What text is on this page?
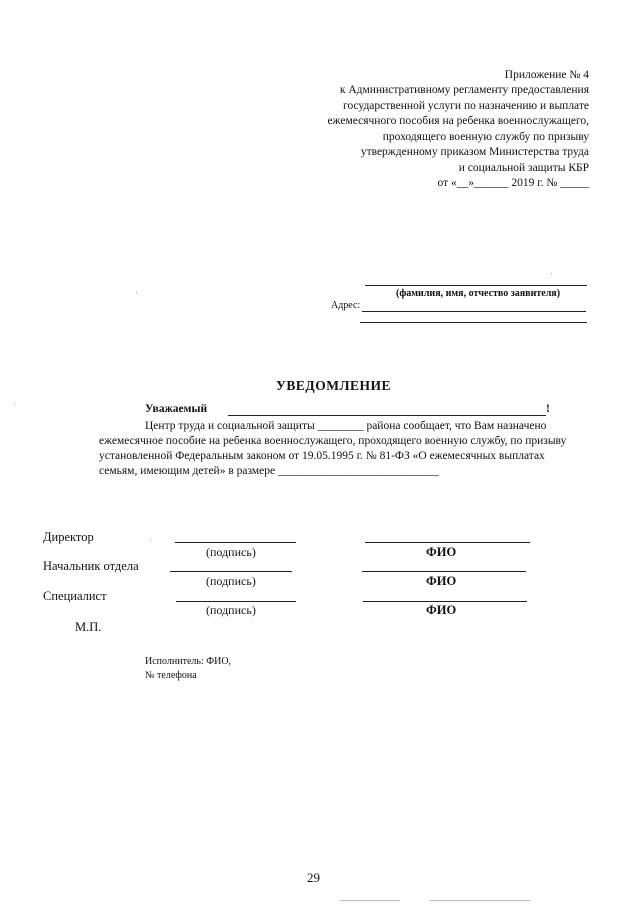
Приложение № 4
к Административному регламенту предоставления
государственной услуги по назначению и выплате
ежемесячного пособия на ребенка военнослужащего,
проходящего военную службу по призыву
утвержденному приказом Министерства труда
и социальной защиты КБР
от «__»______ 2019 г. № _____
(фамилия, имя, отчество заявителя)
Адрес:
УВЕДОМЛЕНИЕ
Уважаемый	!
Центр труда и социальной защиты ________ района сообщает, что Вам назначено
ежемесячное пособие на ребенка военнослужащего, проходящего военную службу, по призыву
установленной Федеральным законом от 19.05.1995 г. № 81-ФЗ «О ежемесячных выплатах
семьям, имеющим детей» в размере ____________________________
Директор
(подпись)	ФИО
Начальник отдела
(подпись)	ФИО
Специалист
(подпись)	ФИО
М.П.
Исполнитель: ФИО,
№ телефона
29
